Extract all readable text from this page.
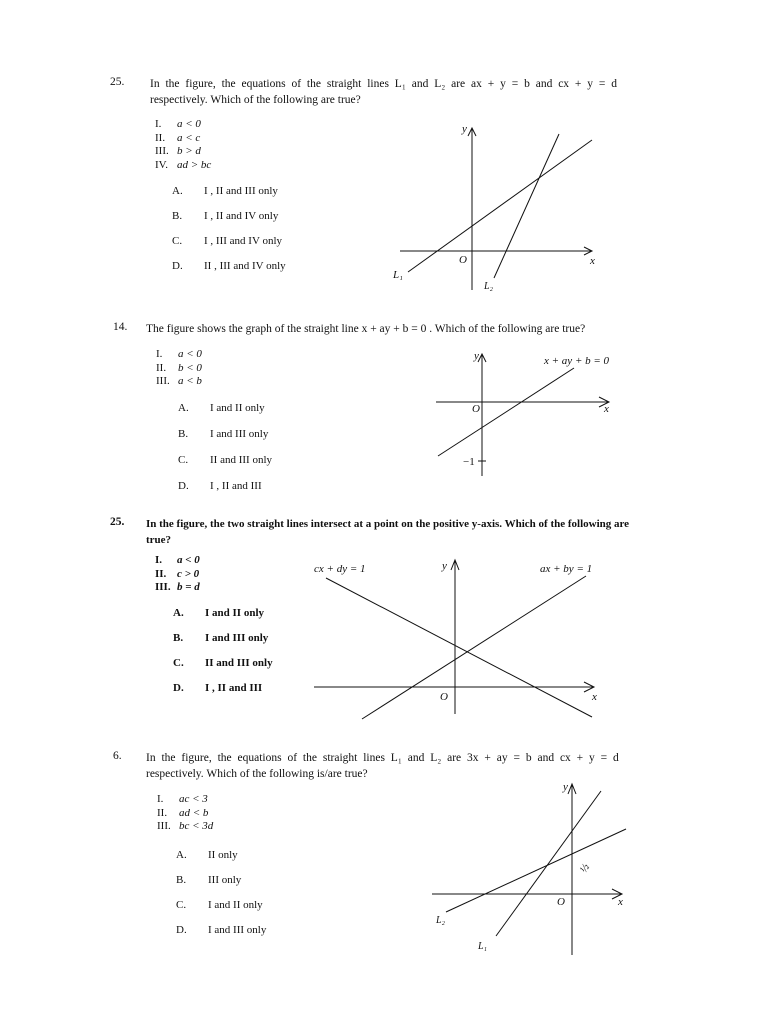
25. In the figure, the equations of the straight lines L₁ and L₂ are ax + y = b and cx + y = d
respectively. Which of the following are true?
I. a < 0
II. a < c
III. b > d
IV. ad > bc
A. I , II and III only
B. I , II and IV only
C. I , III and IV only
D. II , III and IV only
y
x
O
L₁
L₂
14. The figure shows the graph of the straight line x + ay + b = 0 . Which of the following are true?
I. a < 0
II. b < 0
III. a < b
A. I and II only
B. I and III only
C. II and III only
D. I , II and III
y
x
O
−1
x + ay + b = 0
25. In the figure, the two straight lines intersect at a point on the positive y-axis. Which of the following are
true?
I. a < 0
II. c > 0
III. b = d
A. I and II only
B. I and III only
C. II and III only
D. I , II and III
y
x
O
cx + dy = 1	ax + by = 1
6. In the figure, the equations of the straight lines L₁ and L₂ are 3x + ay = b and cx + y = d
respectively. Which of the following is/are true?
I. ac < 3
II. ad < b
III. bc < 3d
A. II only
B. III only
C. I and II only
D. I and III only
y
x
O
L₁
L₂
½
